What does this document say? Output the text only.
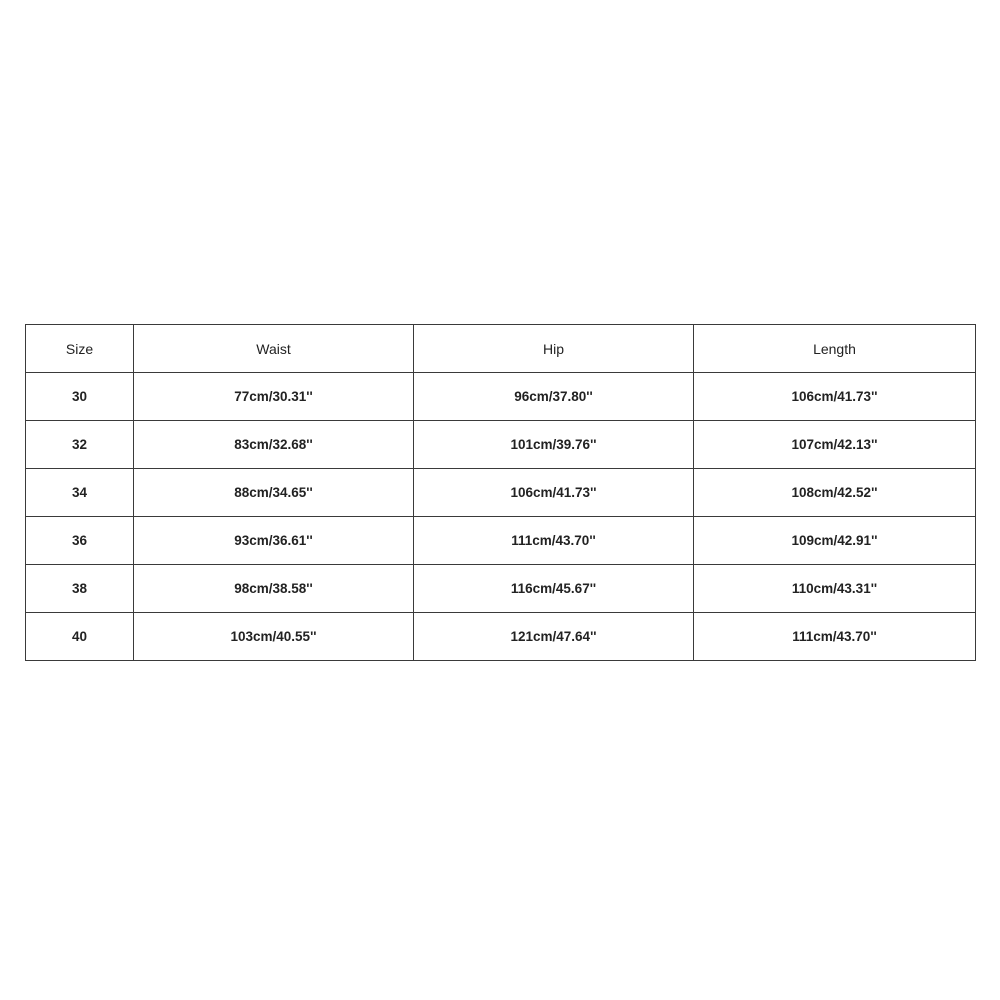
Size	Waist	Hip	Length
30	77cm/30.31''	96cm/37.80''	106cm/41.73''
32	83cm/32.68''	101cm/39.76''	107cm/42.13''
34	88cm/34.65''	106cm/41.73''	108cm/42.52''
36	93cm/36.61''	111cm/43.70''	109cm/42.91''
38	98cm/38.58''	116cm/45.67''	110cm/43.31''
40	103cm/40.55''	121cm/47.64''	111cm/43.70''
